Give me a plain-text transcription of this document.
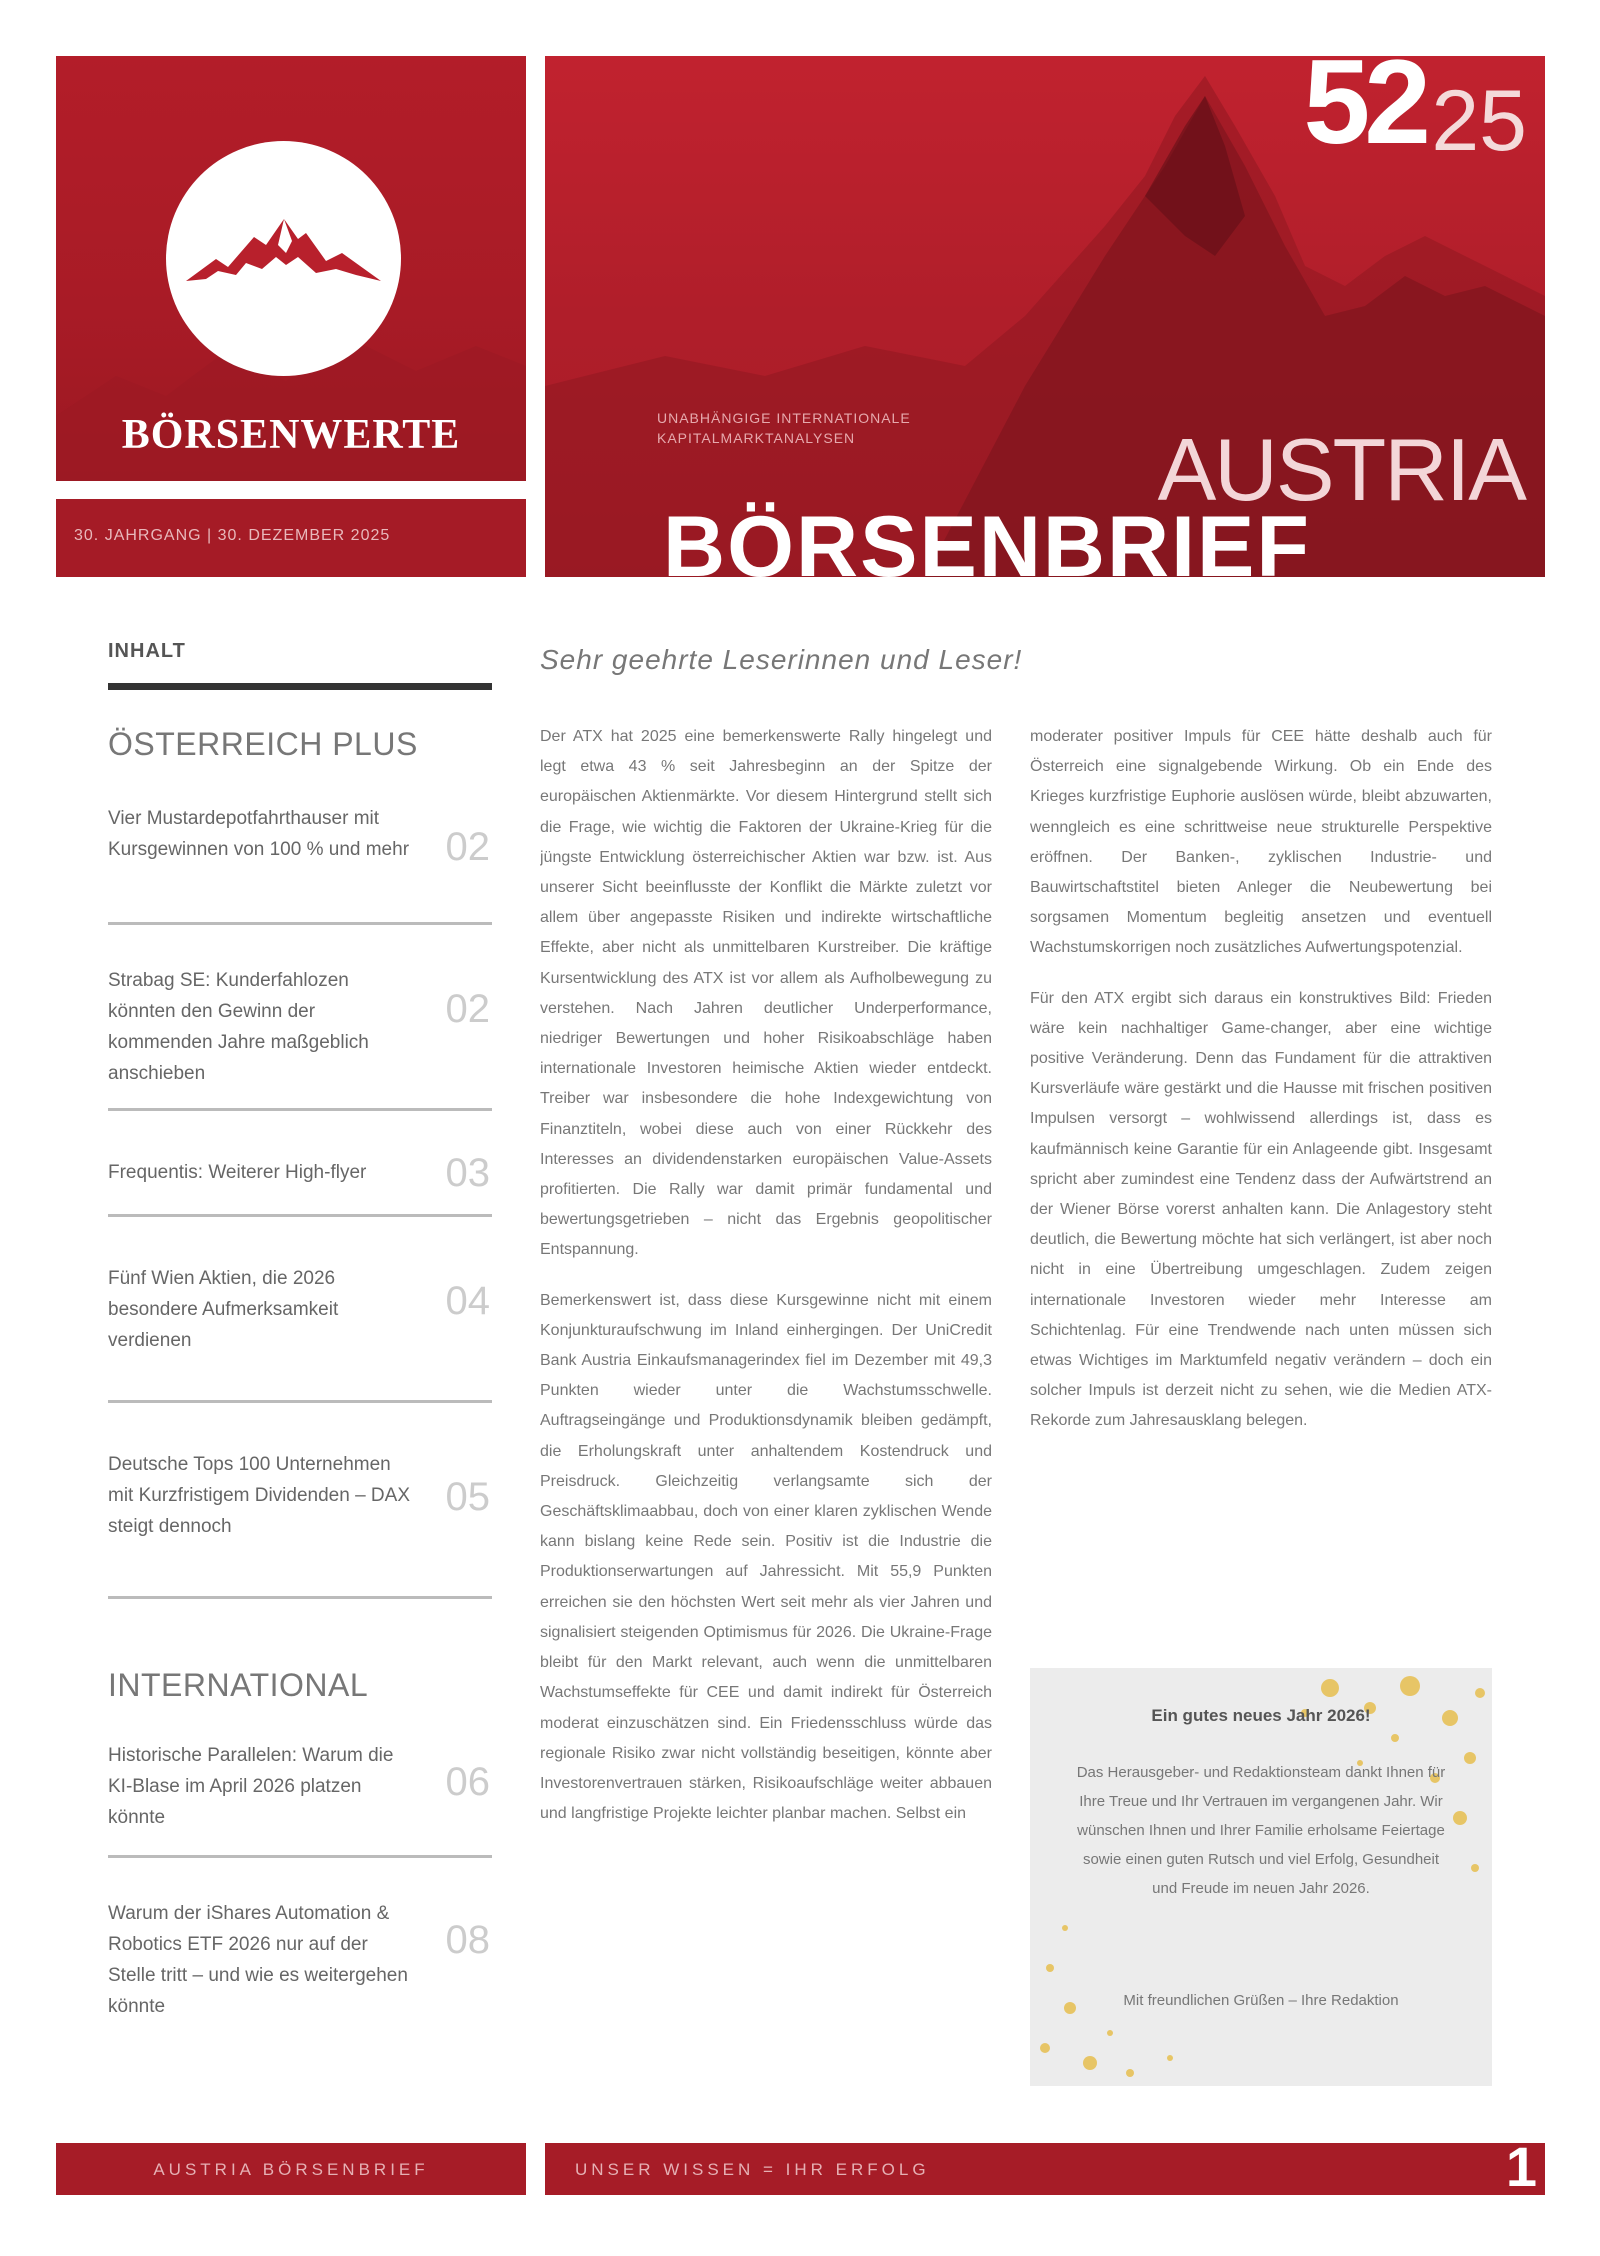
BÖRSENWERTE
30. JAHRGANG | 30. DEZEMBER 2025
52 25
UNABHÄNGIGE INTERNATIONALE
KAPITALMARKTANALYSEN	AUSTRIA
BÖRSENBRIEF
INHALT
ÖSTERREICH PLUS
Vier Mustardepotfahrthauser mit Kursgewinnen von 100 % und mehr 02
Strabag SE: Kunderfahlozen könnten den Gewinn der kommenden Jahre maßgeblich anschieben
02
Frequentis: Weiterer High-flyer	03
Fünf Wien Aktien, die 2026 besondere Aufmerksamkeit verdienen
04
Deutsche Tops 100 Unternehmen mit Kurzfristigem Dividenden – DAX steigt dennoch
05
INTERNATIONAL
Historische Parallelen: Warum die KI-Blase im April 2026 platzen könnte
06
Warum der iShares Automation & Robotics ETF 2026 nur auf der Stelle tritt – und wie es weitergehen könnte
08
Sehr geehrte Leserinnen und Leser!

Der ATX hat 2025 eine bemerkenswerte Rally hingelegt und legt etwa 43 % seit Jahresbeginn an der Spitze der europäischen Aktienmärkte. Vor diesem Hintergrund stellt sich die Frage, wie wichtig die Faktoren der Ukraine-Krieg für die jüngste Entwicklung österreichischer Aktien war bzw. ist. Aus unserer Sicht beeinflusste der Konflikt die Märkte zuletzt vor allem über angepasste Risiken und indirekte wirtschaftliche Effekte, aber nicht als unmittelbaren Kurstreiber. Die kräftige Kursentwicklung des ATX ist vor allem als Aufholbewegung zu verstehen. Nach Jahren deutlicher Underperformance, niedriger Bewertungen und hoher Risikoabschläge haben internationale Investoren heimische Aktien wieder entdeckt. Treiber war insbesondere die hohe Indexgewichtung von Finanztiteln, wobei diese auch von einer Rückkehr des Interesses an dividendenstarken europäischen Value-Assets profitierten. Die Rally war damit primär fundamental und bewertungsgetrieben – nicht das Ergebnis geopolitischer Entspannung.

Bemerkenswert ist, dass diese Kursgewinne nicht mit einem Konjunkturaufschwung im Inland einhergingen. Der UniCredit Bank Austria Einkaufsmanagerindex fiel im Dezember mit 49,3 Punkten wieder unter die Wachstumsschwelle. Auftragseingänge und Produktionsdynamik bleiben gedämpft, die Erholungskraft unter anhaltendem Kostendruck und Preisdruck. Gleichzeitig verlangsamte sich der Geschäftsklimaabbau, doch von einer klaren zyklischen Wende kann bislang keine Rede sein. Positiv ist die Industrie die Produktionserwartungen auf Jahressicht. Mit 55,9 Punkten erreichen sie den höchsten Wert seit mehr als vier Jahren und signalisiert steigenden Optimismus für 2026. Die Ukraine-Frage bleibt für den Markt relevant, auch wenn die unmittelbaren Wachstumseffekte für CEE und damit indirekt für Österreich moderat einzuschätzen sind. Ein Friedensschluss würde das regionale Risiko zwar nicht vollständig beseitigen, könnte aber Investorenvertrauen stärken, Risikoaufschläge weiter abbauen und langfristige Projekte leichter planbar machen. Selbst ein

moderater positiver Impuls für CEE hätte deshalb auch für Österreich eine signalgebende Wirkung. Ob ein Ende des Krieges kurzfristige Euphorie auslösen würde, bleibt abzuwarten, wenngleich es eine schrittweise neue strukturelle Perspektive eröffnen. Der Banken-, zyklischen Industrie- und Bauwirtschaftstitel bieten Anleger die Neubewertung bei sorgsamen Momentum begleitig ansetzen und eventuell Wachstumskorrigen noch zusätzliches Aufwertungspotenzial.

Für den ATX ergibt sich daraus ein konstruktives Bild: Frieden wäre kein nachhaltiger Game-changer, aber eine wichtige positive Veränderung. Denn das Fundament für die attraktiven Kursverläufe wäre gestärkt und die Hausse mit frischen positiven Impulsen versorgt – wohlwissend allerdings ist, dass es kaufmännisch keine Garantie für ein Anlageende gibt. Insgesamt spricht aber zumindest eine Tendenz dass der Aufwärtstrend an der Wiener Börse vorerst anhalten kann. Die Anlagestory steht deutlich, die Bewertung möchte hat sich verlängert, ist aber noch nicht in eine Übertreibung umgeschlagen. Zudem zeigen internationale Investoren wieder mehr Interesse am Schichtenlag. Für eine Trendwende nach unten müssen sich etwas Wichtiges im Marktumfeld negativ verändern – doch ein solcher Impuls ist derzeit nicht zu sehen, wie die Medien ATX-Rekorde zum Jahresausklang belegen.

Ein gutes neues Jahr 2026!
Das Herausgeber- und Redaktionsteam dankt Ihnen für Ihre Treue und Ihr Vertrauen im vergangenen Jahr. Wir wünschen Ihnen und Ihrer Familie erholsame Feiertage sowie einen guten Rutsch und viel Erfolg, Gesundheit und Freude im neuen Jahr 2026.
Mit freundlichen Grüßen – Ihre Redaktion
AUSTRIA BÖRSENBRIEF	UNSER WISSEN = IHR ERFOLG	1
